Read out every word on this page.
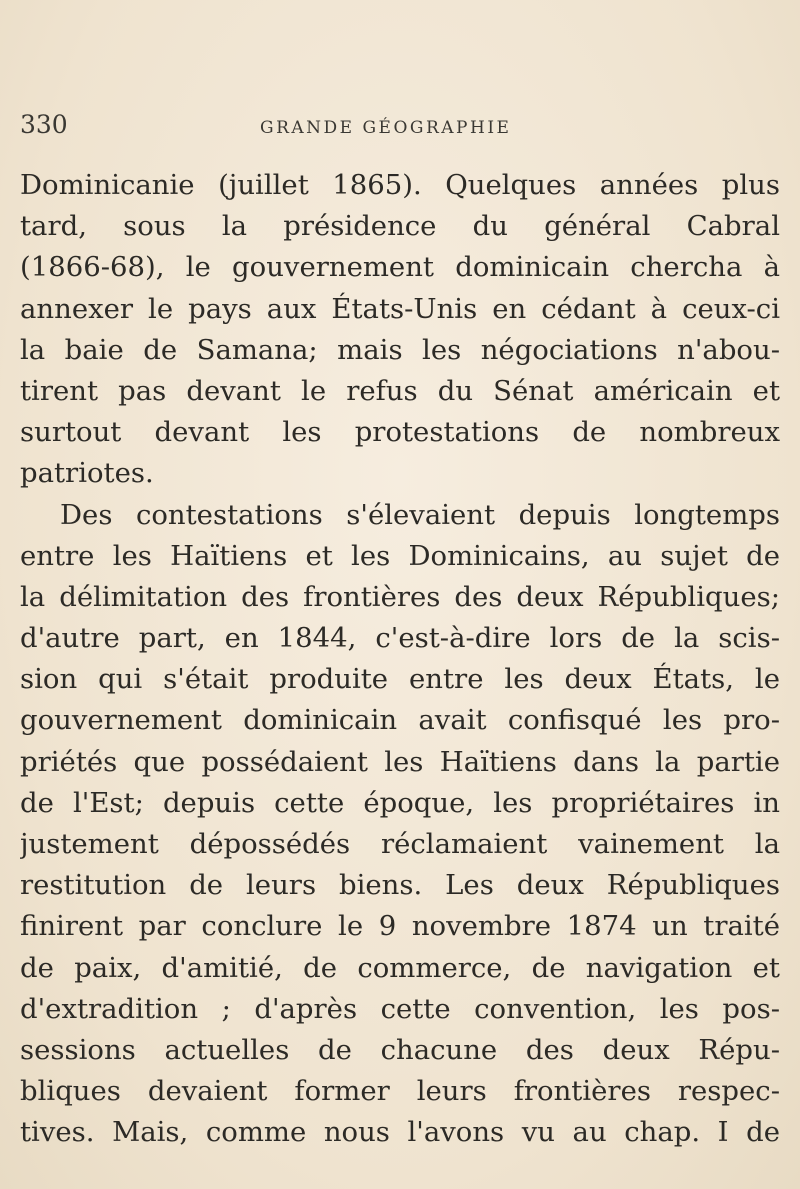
330	GRANDE GÉOGRAPHIE
Dominicanie (juillet 1865). Quelques années plus
tard, sous la présidence du général Cabral
(1866-68), le gouvernement dominicain chercha à
annexer le pays aux États-Unis en cédant à ceux-ci
la baie de Samana; mais les négociations n'abou-
tirent pas devant le refus du Sénat américain et
surtout devant les protestations de nombreux
patriotes.
Des contestations s'élevaient depuis longtemps
entre les Haïtiens et les Dominicains, au sujet de
la délimitation des frontières des deux Républiques;
d'autre part, en 1844, c'est-à-dire lors de la scis-
sion qui s'était produite entre les deux États, le
gouvernement dominicain avait confisqué les pro-
priétés que possédaient les Haïtiens dans la partie
de l'Est; depuis cette époque, les propriétaires in
justement dépossédés réclamaient vainement la
restitution de leurs biens. Les deux Républiques
finirent par conclure le 9 novembre 1874 un traité
de paix, d'amitié, de commerce, de navigation et
d'extradition ; d'après cette convention, les pos-
sessions actuelles de chacune des deux Répu-
bliques devaient former leurs frontières respec-
tives. Mais, comme nous l'avons vu au chap. I de
